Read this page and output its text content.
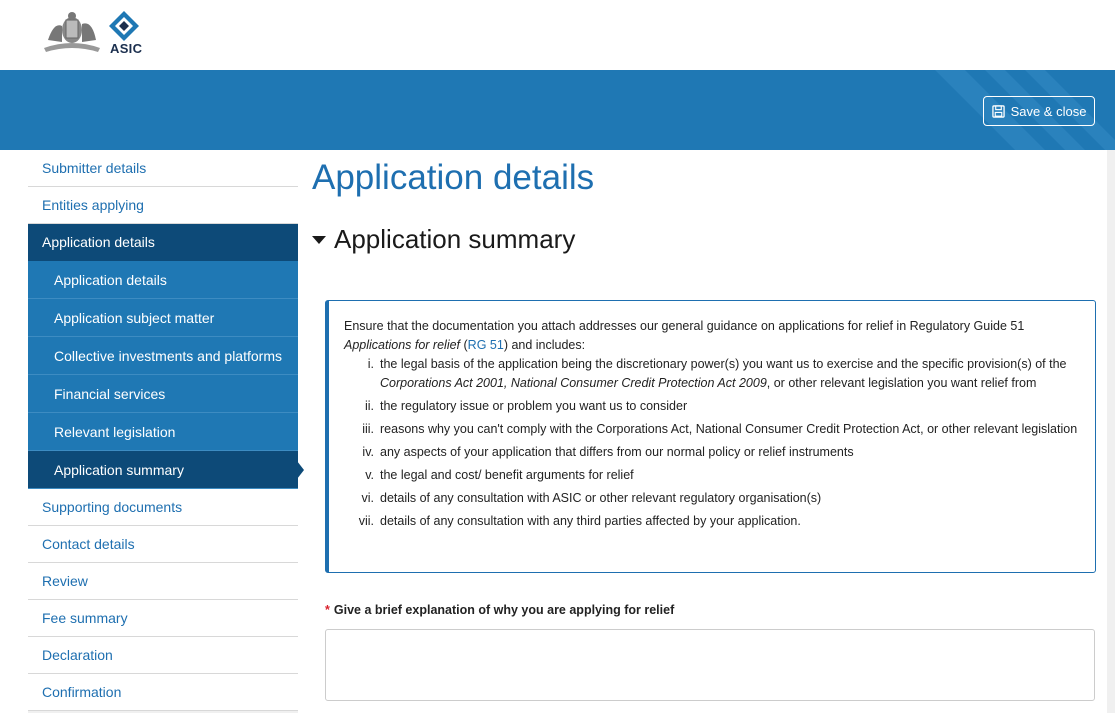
ASIC
Save & close
Submitter details
Entities applying
Application details
Application details
Application subject matter
Collective investments and platforms
Financial services
Relevant legislation
Application summary
Supporting documents
Contact details
Review
Fee summary
Declaration
Confirmation
Application details
Application summary

Ensure that the documentation you attach addresses our general guidance on applications for relief in Regulatory Guide 51
Applications for relief (RG 51) and includes:

i. the legal basis of the application being the discretionary power(s) you want us to exercise and the specific provision(s) of the
Corporations Act 2001, National Consumer Credit Protection Act 2009, or other relevant legislation you want relief from
ii. the regulatory issue or problem you want us to consider
iii. reasons why you can't comply with the Corporations Act, National Consumer Credit Protection Act, or other relevant legislation
iv. any aspects of your application that differs from our normal policy or relief instruments
v. the legal and cost/ benefit arguments for relief
vi. details of any consultation with ASIC or other relevant regulatory organisation(s)
vii. details of any consultation with any third parties affected by your application.
* Give a brief explanation of why you are applying for relief
